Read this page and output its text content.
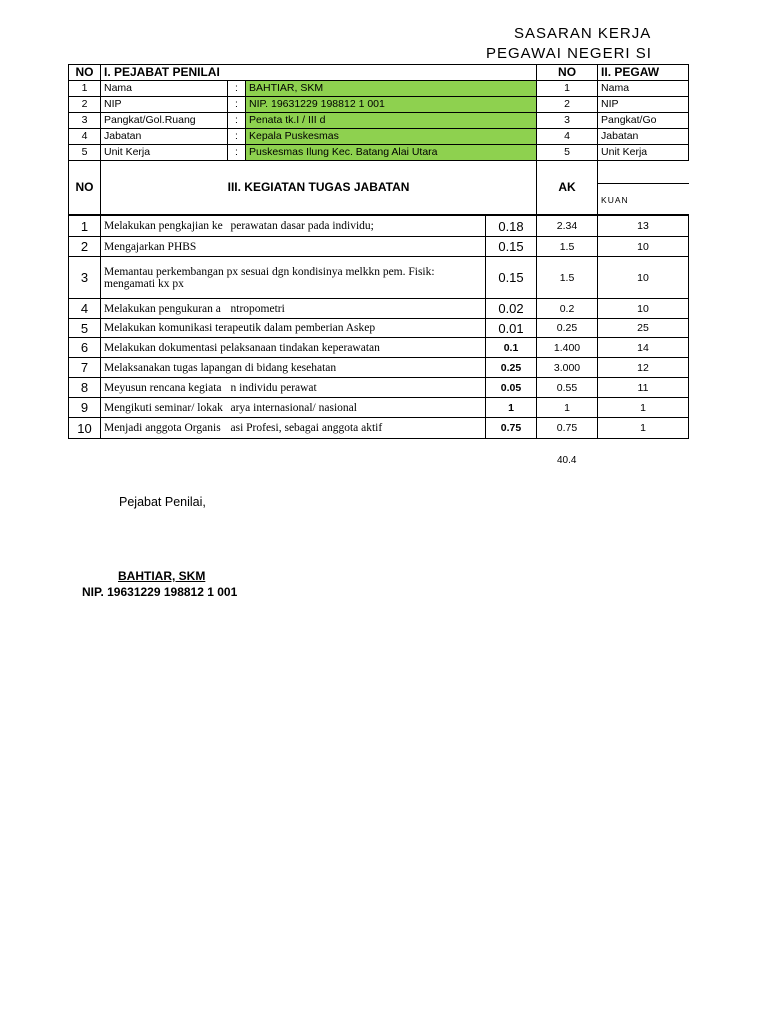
SASARAN KERJA
PEGAWAI NEGERI SI
NO	I. PEJABAT PENILAI			NO	II. PEGAW
1	Nama	:	BAHTIAR, SKM	1	Nama
2	NIP	:	NIP. 19631229 198812 1 001	2	NIP
3	Pangkat/Gol.Ruang	:	Penata tk.I / III d	3	Pangkat/Go
4	Jabatan	:	Kepala Puskesmas	4	Jabatan
5	Unit Kerja	:	Puskesmas Ilung Kec. Batang Alai Utara	5	Unit Kerja
NO	III. KEGIATAN TUGAS JABATAN			AK	
					KUAN
1	Melakukan pengkajian ke	perawatan dasar pada individu;	0.18	2.34	13
2	Mengajarkan PHBS		0.15	1.5	10
3	Memantau perkembangan px sesuai dgn kondisinya melkkn pem. Fisik: mengamati kx px		0.15	1.5	10
4	Melakukan pengukuran a	ntropometri	0.02	0.2	10
5	Melakukan komunikasi terapeutik dalam pemberian Askep		0.01	0.25	25
6	Melakukan dokumentasi pelaksanaan tindakan keperawatan		0.1	1.400	14
7	Melaksanakan tugas lapangan di bidang kesehatan		0.25	3.000	12
8	Meyusun rencana kegiata	n individu perawat	0.05	0.55	11
9	Mengikuti seminar/ lokak	arya internasional/ nasional	1	1	1
10	Menjadi anggota Organis	asi Profesi, sebagai anggota aktif	0.75	0.75	1
40.4
Pejabat Penilai,
BAHTIAR, SKM
NIP. 19631229 198812 1 001
